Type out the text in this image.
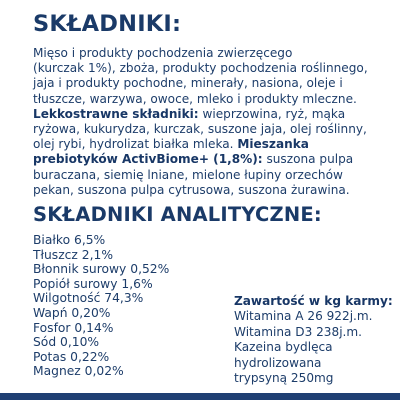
SKŁADNIKI:
Mięso i produkty pochodzenia zwierzęcego
(kurczak 1%), zboża, produkty pochodzenia roślinnego,
jaja i produkty pochodne, minerały, nasiona, oleje i
tłuszcze, warzywa, owoce, mleko i produkty mleczne.
Lekkostrawne składniki: wieprzowina, ryż, mąka
ryżowa, kukurydza, kurczak, suszone jaja, olej roślinny,
olej rybi, hydrolizat białka mleka. Mieszanka
prebiotyków ActivBiome+ (1,8%): suszona pulpa
buraczana, siemię lniane, mielone łupiny orzechów
pekan, suszona pulpa cytrusowa, suszona żurawina.
SKŁADNIKI ANALITYCZNE:
Białko 6,5%
Tłuszcz 2,1%
Błonnik surowy 0,52%
Popiół surowy 1,6%
Wilgotność 74,3%
Wapń 0,20%
Fosfor 0,14%
Sód 0,10%
Potas 0,22%
Magnez 0,02%
Zawartość w kg karmy:
Witamina A 26 922j.m.
Witamina D3 238j.m.
Kazeina bydlęca
hydrolizowana
trypsyną 250mg
